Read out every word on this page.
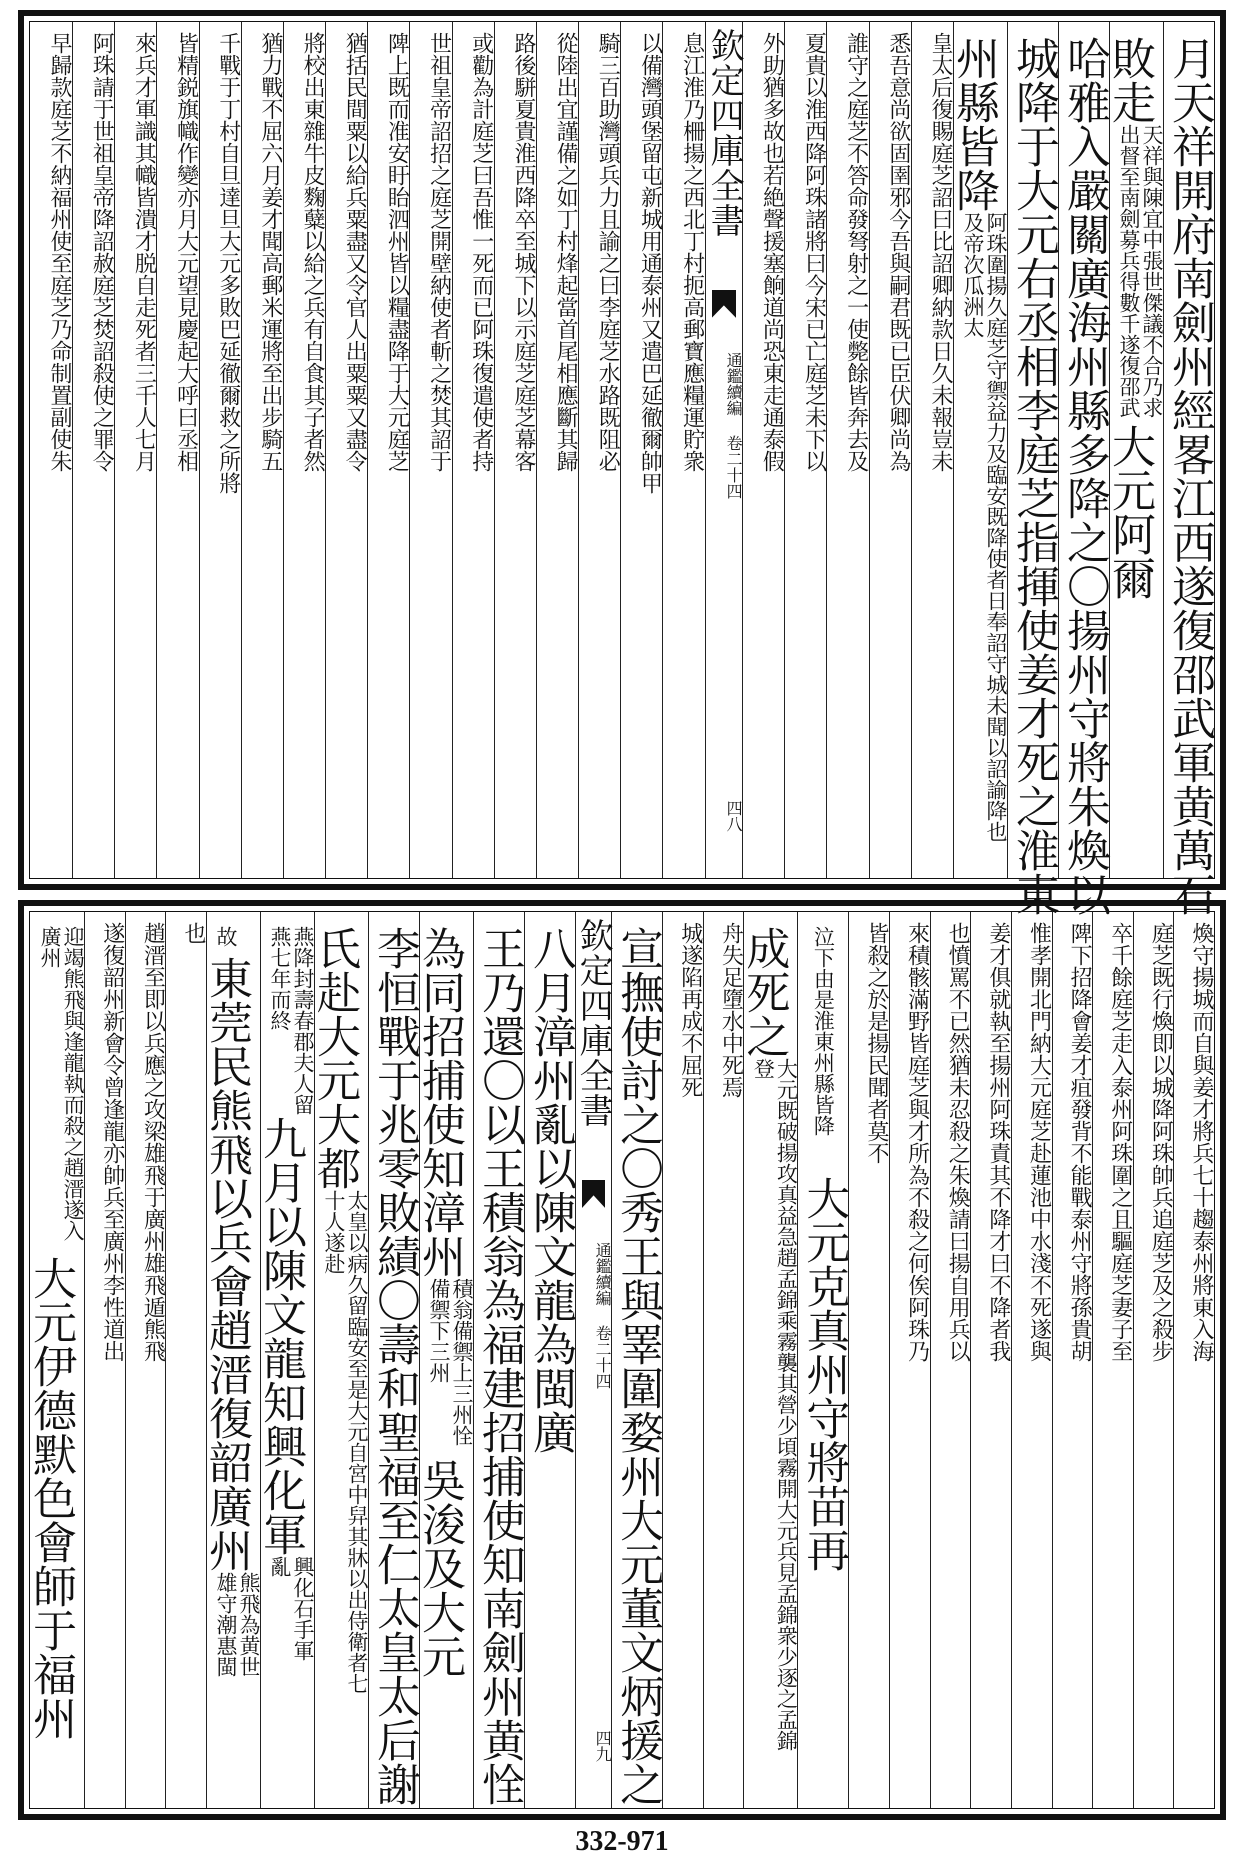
月天祥開府南劍州經畧江西遂復邵武軍黄萬石
敗走天祥與陳宜中張世傑議不合乃求出督至南劍募兵得數千遂復邵武大元阿爾
哈雅入嚴關廣海州縣多降之〇揚州守將朱煥以
城降于大元右丞相李庭芝指揮使姜才死之淮東
州縣皆降阿珠圍揚久庭芝守禦益力及臨安既降使者日奉詔守城未聞以詔諭降也及帝次瓜洲太
皇太后復賜庭芝詔曰比詔卿納款日久未報豈未
悉吾意尚欲固圉邪今吾與嗣君既已臣伏卿尚為
誰守之庭芝不答命發弩射之一使斃餘皆奔去及
夏貴以淮西降阿珠諸將曰今宋已亡庭芝未下以
外助猶多故也若絶聲援塞餉道尚恐東走通泰假
欽定四庫全書
通鑑續編 卷二十四
四八
息江淮乃柵揚之西北丁村扼高郵寶應糧運貯衆
以備灣頭堡留屯新城用通泰州又遣巴延徹爾帥甲
騎三百助灣頭兵力且諭之曰李庭芝水路既阻必
從陸出宜謹備之如丁村烽起當首尾相應斷其歸
路後駢夏貴淮西降卒至城下以示庭芝庭芝幕客
或勸為計庭芝曰吾惟一死而已阿珠復遣使者持
世祖皇帝詔招之庭芝開壁納使者斬之焚其詔于
陴上既而准安盱眙泗州皆以糧盡降于大元庭芝
猶括民間粟以給兵粟盡又令官人出粟粟又盡令
將校出東雜牛皮麴糵以給之兵有自食其子者然
猶力戰不屈六月姜才聞高郵米運將至出步騎五
千戰于丁村自旦達旦大元多敗巴延徹爾救之所將
皆精鋭旗幟作變亦月大元望見慶起大呼曰丞相
來兵才軍識其幟皆潰才脱自走死者三千人七月
阿珠請于世祖皇帝降詔赦庭芝焚詔殺使之罪令
早歸款庭芝不納福州使至庭芝乃命制置副使朱
煥守揚城而自與姜才將兵七十趨泰州將東入海
庭芝既行煥即以城降阿珠帥兵追庭芝及之殺步
卒千餘庭芝走入泰州阿珠圍之且驅庭芝妻子至
陴下招降會姜才疽發背不能戰泰州守將孫貴胡
惟孝開北門納大元庭芝赴蓮池中水淺不死遂與
姜才俱就執至揚州阿珠責其不降才曰不降者我
也憤罵不已然猶未忍殺之朱煥請曰揚自用兵以
來積骸滿野皆庭芝與才所為不殺之何俟阿珠乃
皆殺之於是揚民聞者莫不
泣下由是淮東州縣皆降大元克真州守將苗再
成死之大元既破揚攻真益急趙孟錦乘霧襲其營少頃霧開大元兵見孟錦衆少逐之孟錦登
舟失足墮水中死焉
城遂陷再成不屈死
宣撫使討之〇秀王與睪圍婺州大元董文炳援之
欽定四庫全書
通鑑續編 卷二十四
四九
八月漳州亂以陳文龍為閩廣
王乃還〇以王積翁為福建招捕使知南劍州黄恮
為同招捕使知漳州積翁備禦上三州恮備禦下三州吳浚及大元
李恒戰于兆零敗績〇壽和聖福至仁太皇太后謝
氏赴大元大都太皇以病久留臨安至是大元自宮中舁其牀以出侍衛者七十人遂赴
燕降封壽春郡夫人留燕七年而終九月以陳文龍知興化軍興化石手軍亂
故東莞民熊飛以兵會趙溍復韶廣州熊飛為黄世雄守潮惠閩
也
趙溍至即以兵應之攻梁雄飛于廣州雄飛遁熊飛
遂復韶州新會令曾逢龍亦帥兵至廣州李性道出
迎竭熊飛與逢龍執而殺之趙溍遂入廣州大元伊德默色會師于福州
332-971
